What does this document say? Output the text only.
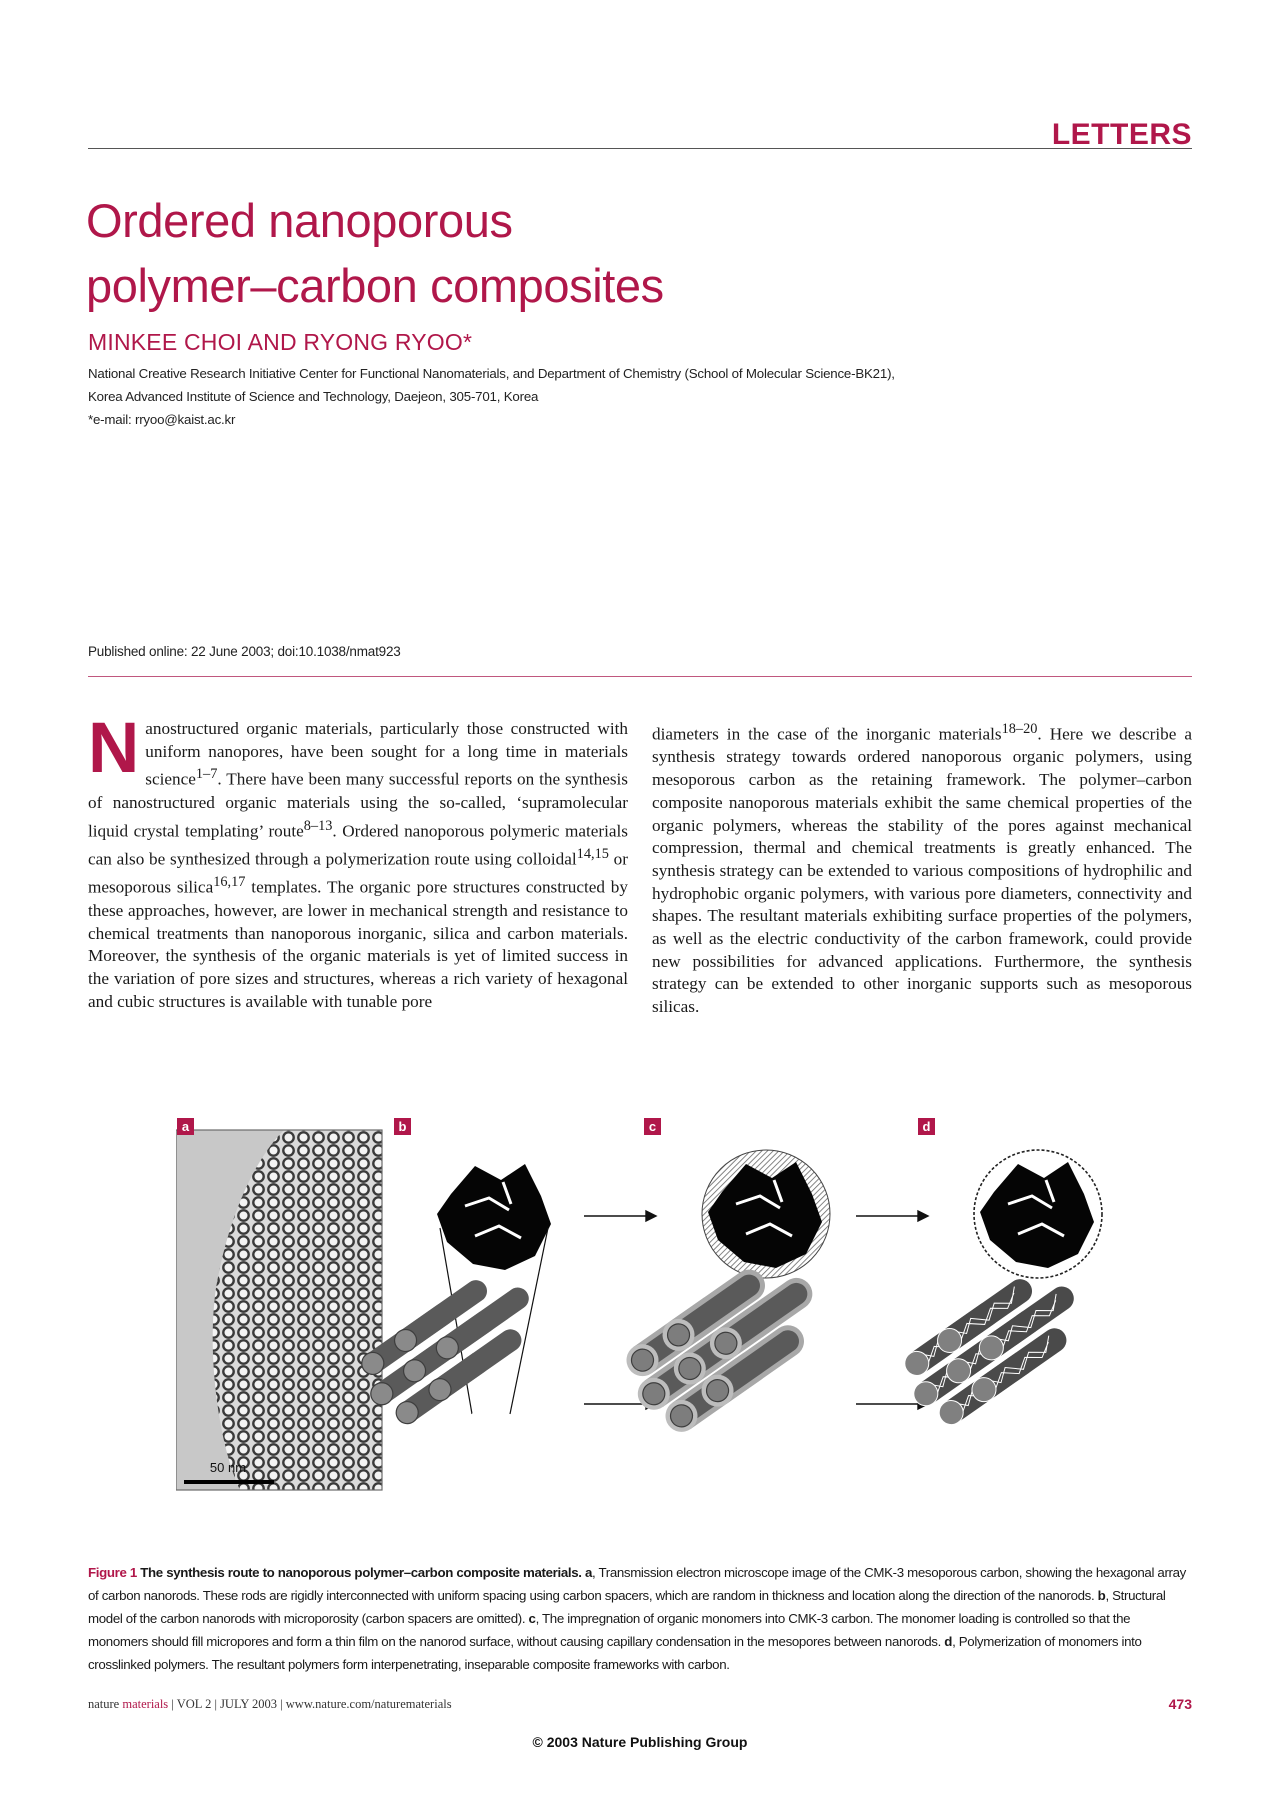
LETTERS
Ordered nanoporous
polymer–carbon composites
MINKEE CHOI AND RYONG RYOO*
National Creative Research Initiative Center for Functional Nanomaterials, and Department of Chemistry (School of Molecular Science-BK21),
Korea Advanced Institute of Science and Technology, Daejeon, 305-701, Korea
*e-mail: rryoo@kaist.ac.kr
Published online: 22 June 2003; doi:10.1038/nmat923

Nanostructured organic materials, particularly those constructed with uniform nanopores, have been sought for a long time in materials science$^{1-7}$. There have been many successful reports on the synthesis of nanostructured organic materials using the so-called, ‘supramolecular liquid crystal templating’ route$^{8-13}$. Ordered nanoporous polymeric materials can also be synthesized through a polymerization route using colloidal$^{14,15}$ or mesoporous silica$^{16,17}$ templates. The organic pore structures constructed by these approaches, however, are lower in mechanical strength and resistance to chemical treatments than nanoporous inorganic, silica and carbon materials. Moreover, the synthesis of the organic materials is yet of limited success in the variation of pore sizes and structures, whereas a rich variety of hexagonal and cubic structures is available with tunable pore

diameters in the case of the inorganic materials$^{18-20}$. Here we describe a synthesis strategy towards ordered nanoporous organic polymers, using mesoporous carbon as the retaining framework. The polymer–carbon composite nanoporous materials exhibit the same chemical properties of the organic polymers, whereas the stability of the pores against mechanical compression, thermal and chemical treatments is greatly enhanced. The synthesis strategy can be extended to various compositions of hydrophilic and hydrophobic organic polymers, with various pore diameters, connectivity and shapes. The resultant materials exhibiting surface properties of the polymers, as well as the electric conductivity of the carbon framework, could provide new possibilities for advanced applications. Furthermore, the synthesis strategy can be extended to other inorganic supports such as mesoporous silicas.

a
50 nm
b	c	d
Figure 1 The synthesis route to nanoporous polymer–carbon composite materials. a, Transmission electron microscope image of the CMK-3 mesoporous carbon, showing the hexagonal array of carbon nanorods. These rods are rigidly interconnected with uniform spacing using carbon spacers, which are random in thickness and location along the direction of the nanorods. b, Structural model of the carbon nanorods with microporosity (carbon spacers are omitted). c, The impregnation of organic monomers into CMK-3 carbon. The monomer loading is controlled so that the monomers should fill micropores and form a thin film on the nanorod surface, without causing capillary condensation in the mesopores between nanorods. d, Polymerization of monomers into crosslinked polymers. The resultant polymers form interpenetrating, inseparable composite frameworks with carbon.
nature materials | VOL 2 | JULY 2003 | www.nature.com/naturematerials	473
© 2003 Nature Publishing Group
